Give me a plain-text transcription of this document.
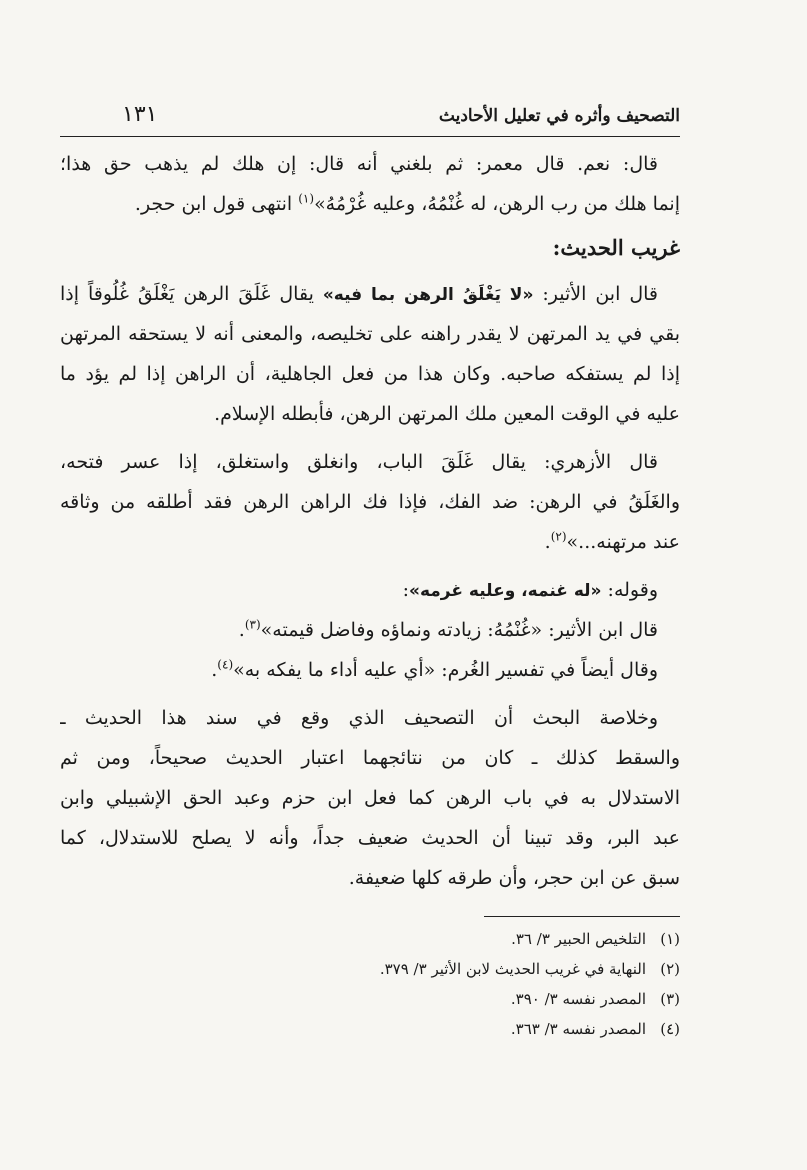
التصحيف وأثره في تعليل الأحاديث
١٣١
قال: نعم. قال معمر: ثم بلغني أنه قال: إن هلك لم يذهب حق هذا؛
إنما هلك من رب الرهن، له غُنْمُهُ، وعليه غُرْمُهُ»$^{(١)}$ انتهى قول ابن حجر.
غريب الحديث:
قال ابن الأثير: «لا يَغْلَقُ الرهن بما فيه» يقال غَلَقَ الرهن يَغْلَقُ غُلُوقاً إذا
بقي في يد المرتهن لا يقدر راهنه على تخليصه، والمعنى أنه لا يستحقه المرتهن
إذا لم يستفكه صاحبه. وكان هذا من فعل الجاهلية، أن الراهن إذا لم يؤد ما
عليه في الوقت المعين ملك المرتهن الرهن، فأبطله الإسلام.
قال الأزهري: يقال غَلَقَ الباب، وانغلق واستغلق، إذا عسر فتحه،
والغَلَقُ في الرهن: ضد الفك، فإذا فك الراهن الرهن فقد أطلقه من وثاقه
عند مرتهنه...»$^{(٢)}$.
وقوله: «له غنمه، وعليه غرمه»:
قال ابن الأثير: «غُنْمُهُ: زيادته ونماؤه وفاضل قيمته»$^{(٣)}$.
وقال أيضاً في تفسير الغُرم: «أي عليه أداء ما يفكه به»$^{(٤)}$.
وخلاصة البحث أن التصحيف الذي وقع في سند هذا الحديث ـ
والسقط كذلك ـ كان من نتائجهما اعتبار الحديث صحيحاً، ومن ثم
الاستدلال به في باب الرهن كما فعل ابن حزم وعبد الحق الإشبيلي وابن
عبد البر، وقد تبينا أن الحديث ضعيف جداً، وأنه لا يصلح للاستدلال، كما
سبق عن ابن حجر، وأن طرقه كلها ضعيفة.
(١)التلخيص الحبير ٣/ ٣٦.
(٢)النهاية في غريب الحديث لابن الأثير ٣/ ٣٧٩.
(٣)المصدر نفسه ٣/ ٣٩٠.
(٤)المصدر نفسه ٣/ ٣٦٣.
